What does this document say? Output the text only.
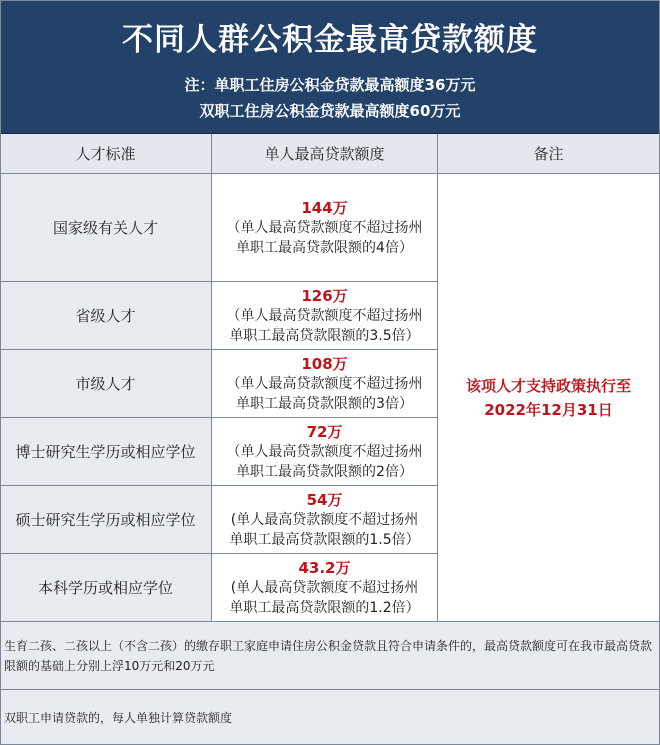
不同人群公积金最高贷款额度
注：单职工住房公积金贷款最高额度36万元
双职工住房公积金贷款最高额度60万元
人才标准	单人最高贷款额度	备注
国家级有关人才
144万
（单人最高贷款额度不超过扬州
单职工最高贷款限额的4倍）
省级人才
126万
（单人最高贷款额度不超过扬州
单职工最高贷款限额的3.5倍）
市级人才
108万
（单人最高贷款额度不超过扬州
单职工最高贷款限额的3倍）
博士研究生学历或相应学位
72万
（单人最高贷款额度不超过扬州
单职工最高贷款限额的2倍）
硕士研究生学历或相应学位
54万
(单人最高贷款额度不超过扬州
单职工最高贷款限额的1.5倍）
本科学历或相应学位
43.2万
(单人最高贷款额度不超过扬州
单职工最高贷款限额的1.2倍）
该项人才支持政策执行至2022年12月31日
生育二孩、二孩以上（不含二孩）的缴存职工家庭申请住房公积金贷款且符合申请条件的，最高贷款额度可在我市最高贷款限额的基础上分别上浮10万元和20万元
双职工申请贷款的，每人单独计算贷款额度
